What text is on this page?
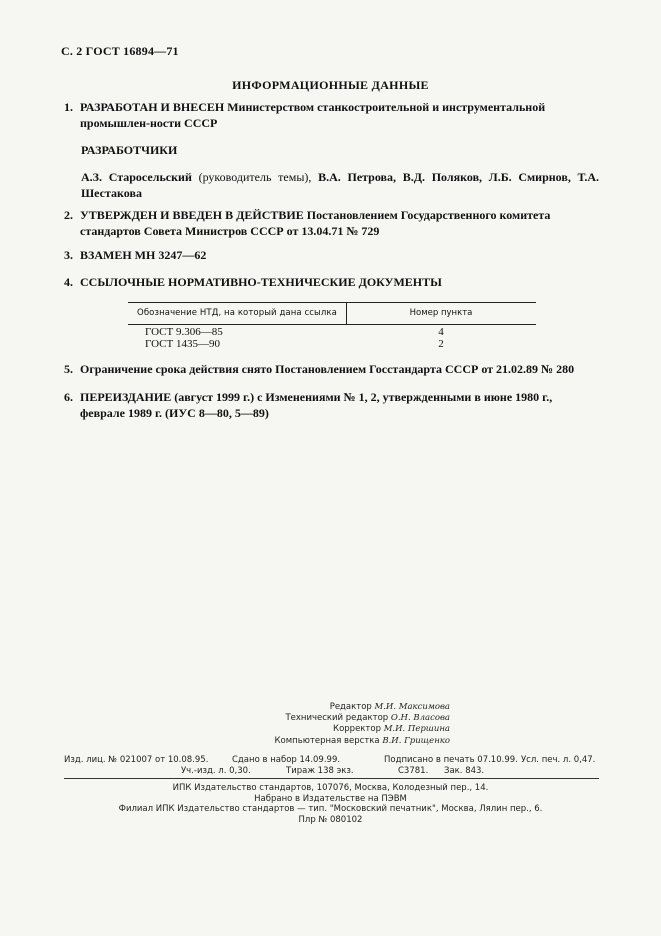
С. 2 ГОСТ 16894—71
ИНФОРМАЦИОННЫЕ ДАННЫЕ
1. РАЗРАБОТАН И ВНЕСЕН Министерством станкостроительной и инструментальной промышлен-ности СССР
РАЗРАБОТЧИКИ
А.З. Старосельский (руководитель темы), В.А. Петрова, В.Д. Поляков, Л.Б. Смирнов, Т.А. Шестакова
2. УТВЕРЖДЕН И ВВЕДЕН В ДЕЙСТВИЕ Постановлением Государственного комитета стандартов Совета Министров СССР от 13.04.71 № 729
3. ВЗАМЕН МН 3247—62
4. ССЫЛОЧНЫЕ НОРМАТИВНО-ТЕХНИЧЕСКИЕ ДОКУМЕНТЫ
Обозначение НТД, на который дана ссылка	Номер пункта
ГОСТ 9.306—85	4
ГОСТ 1435—90	2
5. Ограничение срока действия снято Постановлением Госстандарта СССР от 21.02.89 № 280
6. ПЕРЕИЗДАНИЕ (август 1999 г.) с Изменениями № 1, 2, утвержденными в июне 1980 г., феврале 1989 г. (ИУС 8—80, 5—89)
Редактор М.И. Максимова
Технический редактор О.Н. Власова
Корректор М.И. Першина
Компьютерная верстка В.И. Грищенко
Изд. лиц. № 021007 от 10.08.95.	Сдано в набор 14.09.99.	Подписано в печать 07.10.99. Усл. печ. л. 0,47.
Уч.-изд. л. 0,30.	Тираж 138 экз.	С3781. Зак. 843.
ИПК Издательство стандартов, 107076, Москва, Колодезный пер., 14.
Набрано в Издательстве на ПЭВМ
Филиал ИПК Издательство стандартов — тип. "Московский печатник", Москва, Лялин пер., 6.
Плр № 080102
